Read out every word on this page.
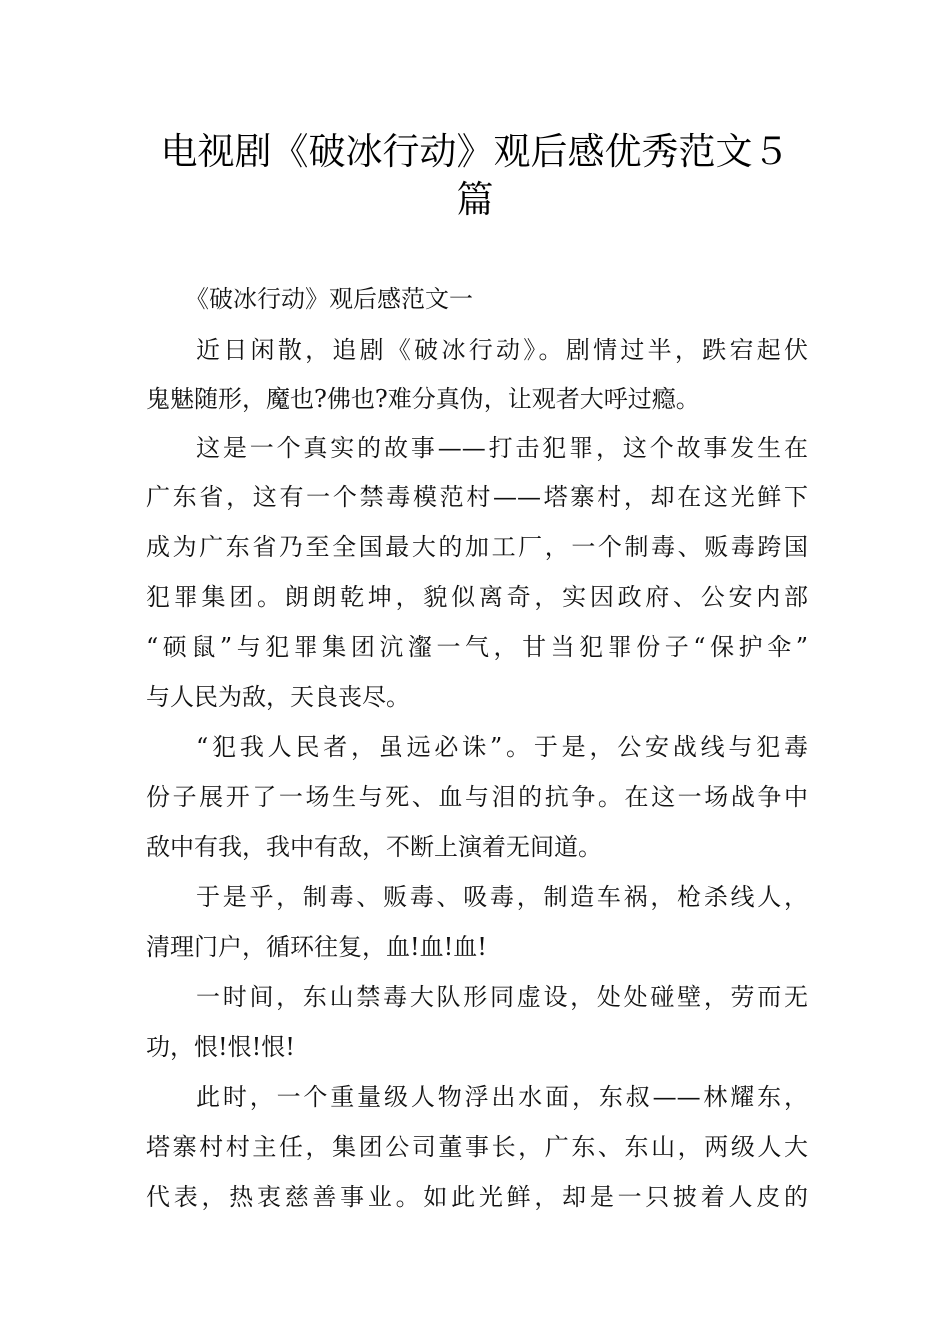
电视剧《破冰行动》观后感优秀范文５
篇

《破冰行动》观后感范文一

近日闲散，追剧《破冰行动》。剧情过半，跌宕起伏

鬼魅随形，魔也?佛也?难分真伪，让观者大呼过瘾。

这是一个真实的故事——打击犯罪，这个故事发生在

广东省，这有一个禁毒模范村——塔寨村，却在这光鲜下

成为广东省乃至全国最大的加工厂，一个制毒、贩毒跨国

犯罪集团。朗朗乾坤，貌似离奇，实因政府、公安内部

“硕鼠”与犯罪集团沆瀣一气，甘当犯罪份子“保护伞”

与人民为敌，天良丧尽。

“犯我人民者，虽远必诛”。于是，公安战线与犯毒

份子展开了一场生与死、血与泪的抗争。在这一场战争中

敌中有我，我中有敌，不断上演着无间道。

于是乎，制毒、贩毒、吸毒，制造车祸，枪杀线人，

清理门户，循环往复，血!血!血!

一时间，东山禁毒大队形同虚设，处处碰壁，劳而无

功，恨!恨!恨!

此时，一个重量级人物浮出水面，东叔——林耀东，

塔寨村村主任，集团公司董事长，广东、东山，两级人大

代表，热衷慈善事业。如此光鲜，却是一只披着人皮的
